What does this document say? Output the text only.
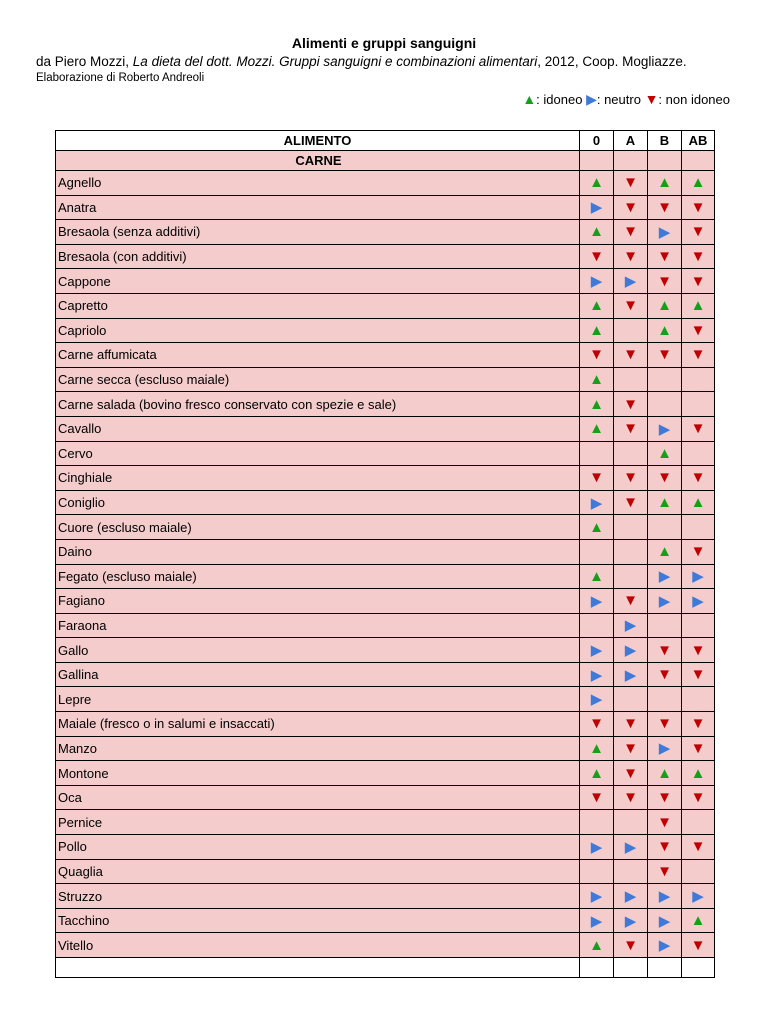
Alimenti e gruppi sanguigni
da Piero Mozzi, La dieta del dott. Mozzi. Gruppi sanguigni e combinazioni alimentari, 2012, Coop. Mogliazze.
Elaborazione di Roberto Andreoli
▲: idoneo ▶: neutro ▼: non idoneo
ALIMENTO	0	A	B	AB
CARNE				
Agnello	▲	▼	▲	▲
Anatra	▶	▼	▼	▼
Bresaola (senza additivi)	▲	▼	▶	▼
Bresaola (con additivi)	▼	▼	▼	▼
Cappone	▶	▶	▼	▼
Capretto	▲	▼	▲	▲
Capriolo	▲		▲	▼
Carne affumicata	▼	▼	▼	▼
Carne secca (escluso maiale)	▲			
Carne salada (bovino fresco conservato con spezie e sale)	▲	▼		
Cavallo	▲	▼	▶	▼
Cervo			▲	
Cinghiale	▼	▼	▼	▼
Coniglio	▶	▼	▲	▲
Cuore (escluso maiale)	▲			
Daino			▲	▼
Fegato (escluso maiale)	▲		▶	▶
Fagiano	▶	▼	▶	▶
Faraona		▶		
Gallo	▶	▶	▼	▼
Gallina	▶	▶	▼	▼
Lepre	▶			
Maiale (fresco o in salumi e insaccati)	▼	▼	▼	▼
Manzo	▲	▼	▶	▼
Montone	▲	▼	▲	▲
Oca	▼	▼	▼	▼
Pernice			▼	
Pollo	▶	▶	▼	▼
Quaglia			▼	
Struzzo	▶	▶	▶	▶
Tacchino	▶	▶	▶	▲
Vitello	▲	▼	▶	▼
